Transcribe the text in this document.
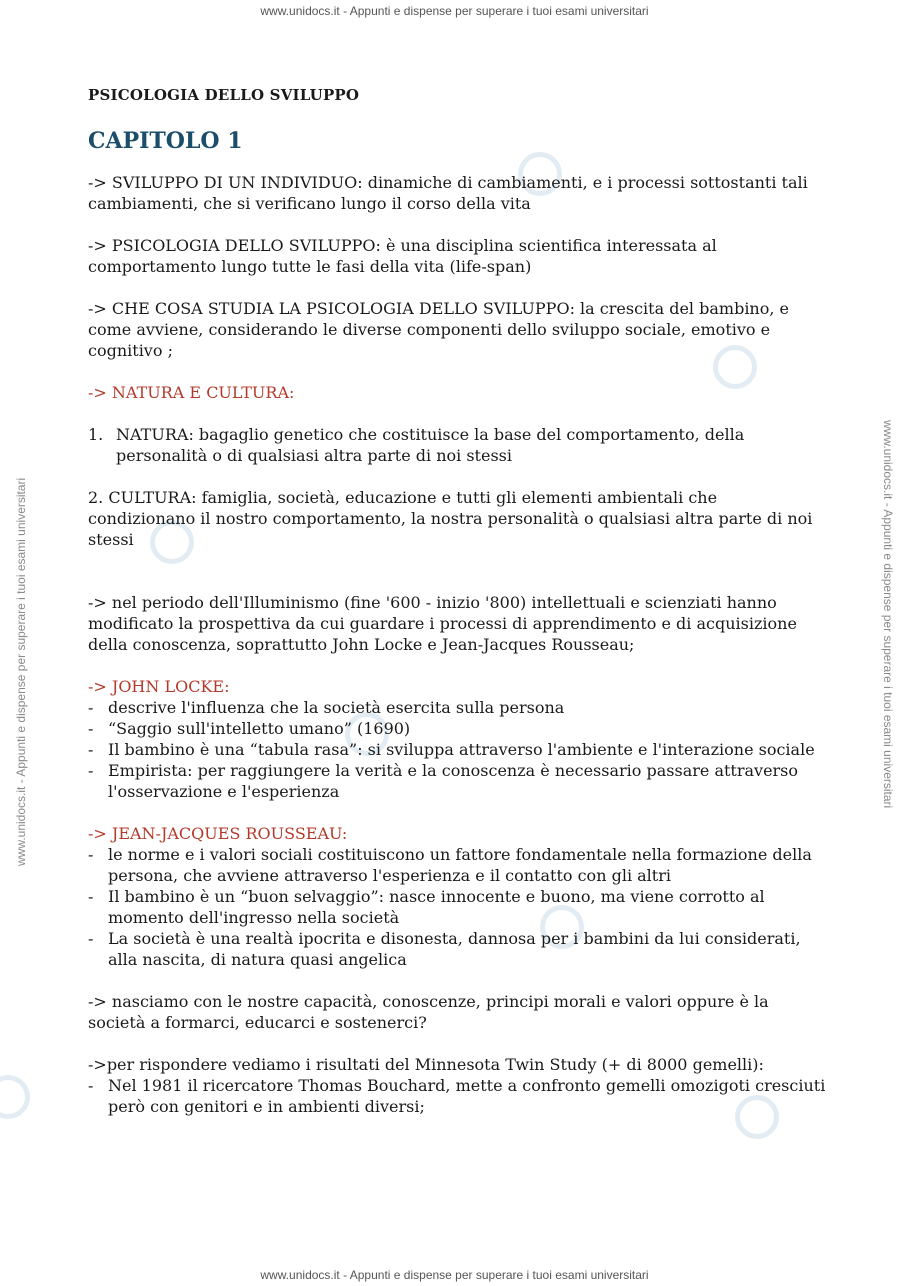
www.unidocs.it - Appunti e dispense per superare i tuoi esami universitari
www.unidocs.it - Appunti e dispense per superare i tuoi esami universitari	www.unidocs.it - Appunti e dispense per superare i tuoi esami universitari
PSICOLOGIA DELLO SVILUPPO
CAPITOLO 1

-> SVILUPPO DI UN INDIVIDUO: dinamiche di cambiamenti, e i processi sottostanti tali cambiamenti, che si verificano lungo il corso della vita

-> PSICOLOGIA DELLO SVILUPPO: è una disciplina scientifica interessata al comportamento lungo tutte le fasi della vita (life-span)

-> CHE COSA STUDIA LA PSICOLOGIA DELLO SVILUPPO: la crescita del bambino, e come avviene, considerando le diverse componenti dello sviluppo sociale, emotivo e cognitivo ;

-> NATURA E CULTURA:

1. NATURA: bagaglio genetico che costituisce la base del comportamento, della personalità o di qualsiasi altra parte di noi stessi

2. CULTURA: famiglia, società, educazione e tutti gli elementi ambientali che condizionano il nostro comportamento, la nostra personalità o qualsiasi altra parte di noi stessi

-> nel periodo dell'Illuminismo (fine '600 - inizio '800) intellettuali e scienziati hanno modificato la prospettiva da cui guardare i processi di apprendimento e di acquisizione della conoscenza, soprattutto John Locke e Jean-Jacques Rousseau;

-> JOHN LOCKE:
- descrive l'influenza che la società esercita sulla persona
- “Saggio sull'intelletto umano” (1690)
- Il bambino è una “tabula rasa”: si sviluppa attraverso l'ambiente e l'interazione sociale
- Empirista: per raggiungere la verità e la conoscenza è necessario passare attraverso l'osservazione e l'esperienza
-> JEAN-JACQUES ROUSSEAU:
- le norme e i valori sociali costituiscono un fattore fondamentale nella formazione della persona, che avviene attraverso l'esperienza e il contatto con gli altri
- Il bambino è un “buon selvaggio”: nasce innocente e buono, ma viene corrotto al momento dell'ingresso nella società
- La società è una realtà ipocrita e disonesta, dannosa per i bambini da lui considerati, alla nascita, di natura quasi angelica

-> nasciamo con le nostre capacità, conoscenze, principi morali e valori oppure è la società a formarci, educarci e sostenerci?

->per rispondere vediamo i risultati del Minnesota Twin Study (+ di 8000 gemelli):
- Nel 1981 il ricercatore Thomas Bouchard, mette a confronto gemelli omozigoti cresciuti però con genitori e in ambienti diversi;
www.unidocs.it - Appunti e dispense per superare i tuoi esami universitari
